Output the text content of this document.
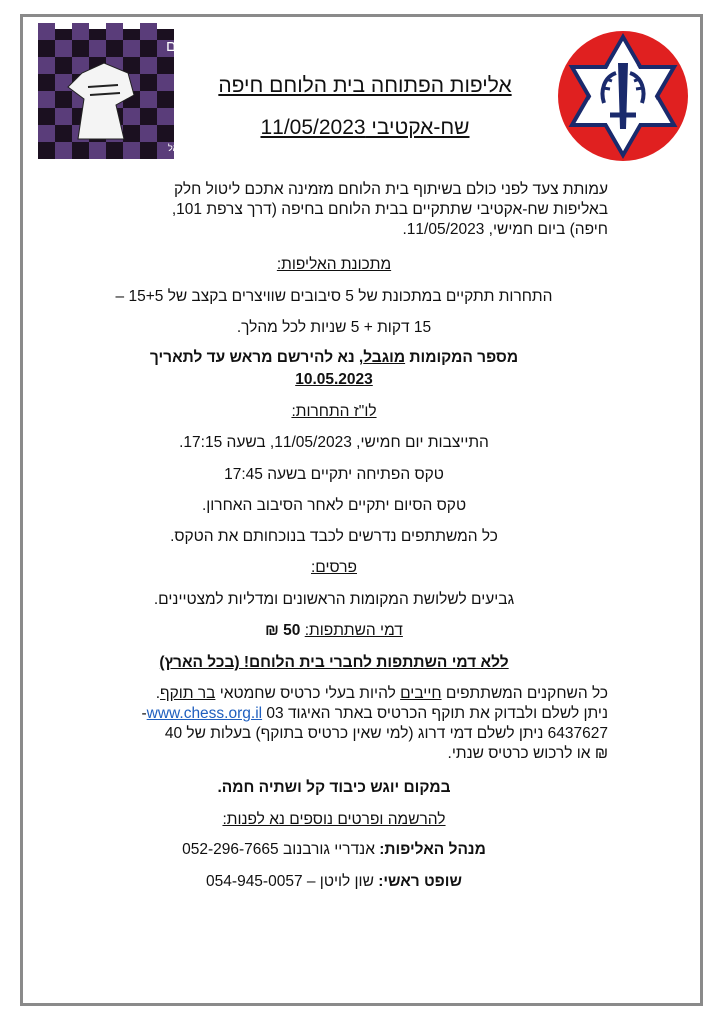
צעד לפני כולם
העמותה לקידום הספורט בישראל
אליפות הפתוחה בית הלוחם חיפה
שח-אקטיבי 11/05/2023
עמותת צעד לפני כולם בשיתוף בית הלוחם מזמינה אתכם ליטול חלק
באליפות שח-אקטיבי שתתקיים בבית הלוחם בחיפה (דרך צרפת 101,
חיפה) ביום חמישי, 11/05/2023.
מתכונת האליפות:
התחרות תתקיים במתכונת של 5 סיבובים שוויצרים בקצב של 15+5 –
15 דקות + 5 שניות לכל מהלך.
מספר המקומות מוגבל, נא להירשם מראש עד לתאריך
10.05.2023
לו"ז התחרות:
התייצבות יום חמישי, 11/05/2023, בשעה 17:15.
טקס הפתיחה יתקיים בשעה 17:45
טקס הסיום יתקיים לאחר הסיבוב האחרון.
כל המשתתפים נדרשים לכבד בנוכחותם את הטקס.
פרסים:
גביעים לשלושת המקומות הראשונים ומדליות למצטיינים.
דמי השתתפות: 50 ₪
ללא דמי השתתפות לחברי בית הלוחם! (בכל הארץ)
כל השחקנים המשתתפים חייבים להיות בעלי כרטיס שחמטאי בר תוקף.
ניתן לשלם ולבדוק את תוקף הכרטיס באתר האיגוד www.chess.org.il 03-
6437627 ניתן לשלם דמי דרוג (למי שאין כרטיס בתוקף) בעלות של 40
₪ או לרכוש כרטיס שנתי.
במקום יוגש כיבוד קל ושתיה חמה.
להרשמה ופרטים נוספים נא לפנות:
מנהל האליפות: אנדריי גורבנוב 052-296-7665
שופט ראשי: שון לויטן – 054-945-0057
